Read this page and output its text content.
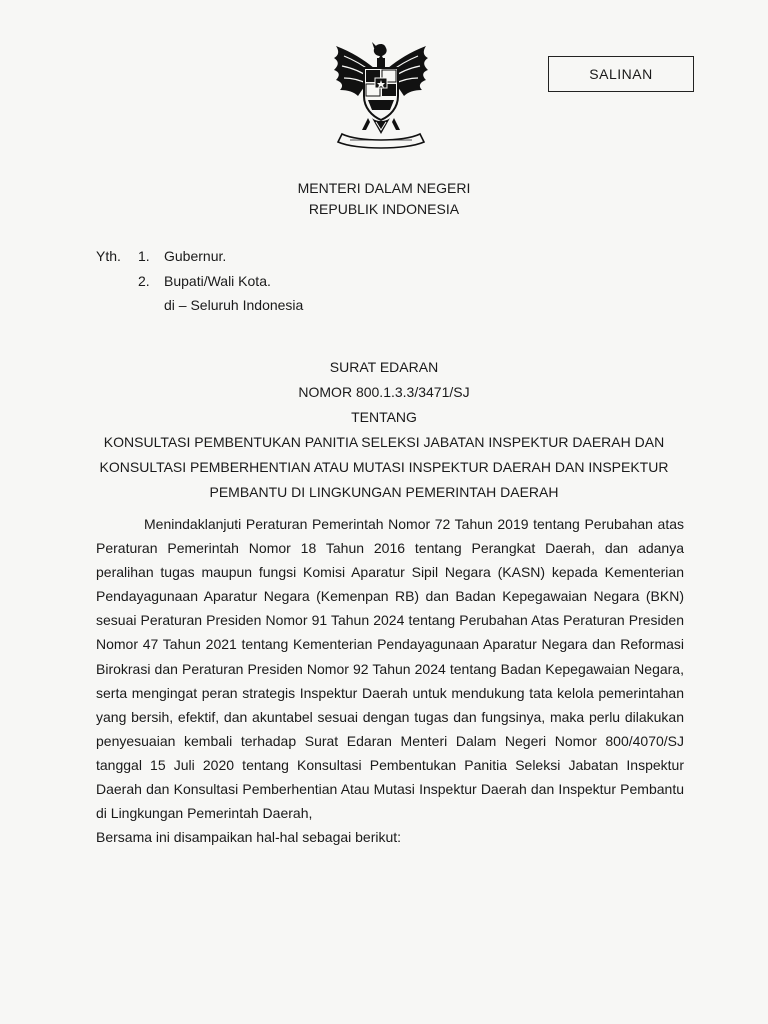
SALINAN
MENTERI DALAM NEGERI
REPUBLIK INDONESIA
Yth.	1.	Gubernur.
2.	Bupati/Wali Kota.
di – Seluruh Indonesia
SURAT EDARAN
NOMOR 800.1.3.3/3471/SJ
TENTANG
KONSULTASI PEMBENTUKAN PANITIA SELEKSI JABATAN INSPEKTUR DAERAH DAN
KONSULTASI PEMBERHENTIAN ATAU MUTASI INSPEKTUR DAERAH DAN INSPEKTUR
PEMBANTU DI LINGKUNGAN PEMERINTAH DAERAH

Menindaklanjuti Peraturan Pemerintah Nomor 72 Tahun 2019 tentang Perubahan atas Peraturan Pemerintah Nomor 18 Tahun 2016 tentang Perangkat Daerah, dan adanya peralihan tugas maupun fungsi Komisi Aparatur Sipil Negara (KASN) kepada Kementerian Pendayagunaan Aparatur Negara (Kemenpan RB) dan Badan Kepegawaian Negara (BKN) sesuai Peraturan Presiden Nomor 91 Tahun 2024 tentang Perubahan Atas Peraturan Presiden Nomor 47 Tahun 2021 tentang Kementerian Pendayagunaan Aparatur Negara dan Reformasi Birokrasi dan Peraturan Presiden Nomor 92 Tahun 2024 tentang Badan Kepegawaian Negara, serta mengingat peran strategis Inspektur Daerah untuk mendukung tata kelola pemerintahan yang bersih, efektif, dan akuntabel sesuai dengan tugas dan fungsinya, maka perlu dilakukan penyesuaian kembali terhadap Surat Edaran Menteri Dalam Negeri Nomor 800/4070/SJ tanggal 15 Juli 2020 tentang Konsultasi Pembentukan Panitia Seleksi Jabatan Inspektur Daerah dan Konsultasi Pemberhentian Atau Mutasi Inspektur Daerah dan Inspektur Pembantu di Lingkungan Pemerintah Daerah,

Bersama ini disampaikan hal-hal sebagai berikut:
